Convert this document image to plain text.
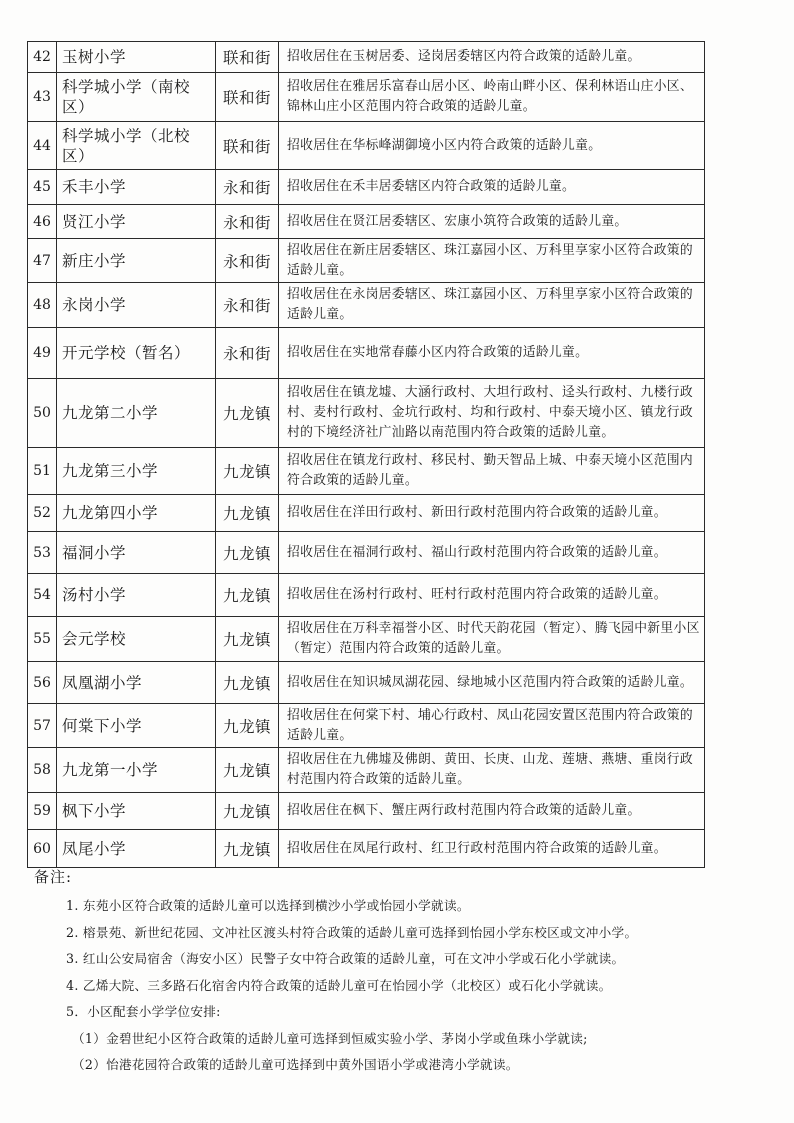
42	玉树小学	联和街	招收居住在玉树居委、迳岗居委辖区内符合政策的适龄儿童。
43	科学城小学（南校区）	联和街	招收居住在雅居乐富春山居小区、岭南山畔小区、保利林语山庄小区、锦林山庄小区范围内符合政策的适龄儿童。
44	科学城小学（北校区）	联和街	招收居住在华标峰湖御境小区内符合政策的适龄儿童。
45	禾丰小学	永和街	招收居住在禾丰居委辖区内符合政策的适龄儿童。
46	贤江小学	永和街	招收居住在贤江居委辖区、宏康小筑符合政策的适龄儿童。
47	新庄小学	永和街	招收居住在新庄居委辖区、珠江嘉园小区、万科里享家小区符合政策的适龄儿童。
48	永岗小学	永和街	招收居住在永岗居委辖区、珠江嘉园小区、万科里享家小区符合政策的适龄儿童。
49	开元学校（暂名）	永和街	招收居住在实地常春藤小区内符合政策的适龄儿童。
50	九龙第二小学	九龙镇	招收居住在镇龙墟、大涵行政村、大坦行政村、迳头行政村、九楼行政村、麦村行政村、金坑行政村、均和行政村、中泰天境小区、镇龙行政村的下境经济社广汕路以南范围内符合政策的适龄儿童。
51	九龙第三小学	九龙镇	招收居住在镇龙行政村、移民村、勤天智品上城、中泰天境小区范围内符合政策的适龄儿童。
52	九龙第四小学	九龙镇	招收居住在洋田行政村、新田行政村范围内符合政策的适龄儿童。
53	福洞小学	九龙镇	招收居住在福洞行政村、福山行政村范围内符合政策的适龄儿童。
54	汤村小学	九龙镇	招收居住在汤村行政村、旺村行政村范围内符合政策的适龄儿童。
55	会元学校	九龙镇	招收居住在万科幸福誉小区、时代天韵花园（暂定）、腾飞园中新里小区（暂定）范围内符合政策的适龄儿童。
56	凤凰湖小学	九龙镇	招收居住在知识城凤湖花园、绿地城小区范围内符合政策的适龄儿童。
57	何棠下小学	九龙镇	招收居住在何棠下村、埔心行政村、凤山花园安置区范围内符合政策的适龄儿童。
58	九龙第一小学	九龙镇	招收居住在九佛墟及佛朗、黄田、长庚、山龙、莲塘、燕塘、重岗行政村范围内符合政策的适龄儿童。
59	枫下小学	九龙镇	招收居住在枫下、蟹庄两行政村范围内符合政策的适龄儿童。
60	凤尾小学	九龙镇	招收居住在凤尾行政村、红卫行政村范围内符合政策的适龄儿童。
备注:
1. 东苑小区符合政策的适龄儿童可以选择到横沙小学或怡园小学就读。
2. 榕景苑、新世纪花园、文冲社区渡头村符合政策的适龄儿童可选择到怡园小学东校区或文冲小学。
3. 红山公安局宿舍（海安小区）民警子女中符合政策的适龄儿童，可在文冲小学或石化小学就读。
4. 乙烯大院、三多路石化宿舍内符合政策的适龄儿童可在怡园小学（北校区）或石化小学就读。
5．小区配套小学学位安排:
（1）金碧世纪小区符合政策的适龄儿童可选择到恒威实验小学、茅岗小学或鱼珠小学就读;
（2）怡港花园符合政策的适龄儿童可选择到中黄外国语小学或港湾小学就读。
